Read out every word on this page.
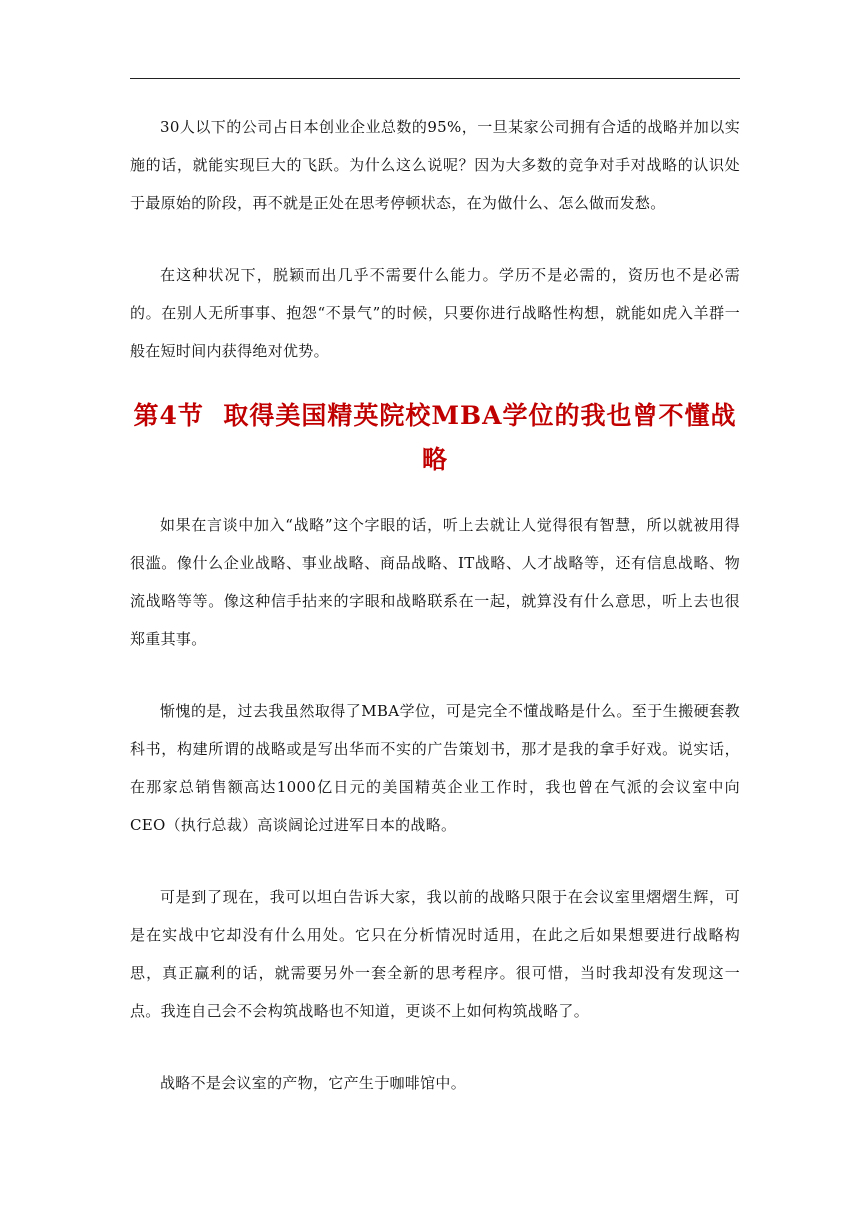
30人以下的公司占日本创业企业总数的95%，一旦某家公司拥有合适的战略并加以实施的话，就能实现巨大的飞跃。为什么这么说呢？因为大多数的竞争对手对战略的认识处于最原始的阶段，再不就是正处在思考停顿状态，在为做什么、怎么做而发愁。

在这种状况下，脱颖而出几乎不需要什么能力。学历不是必需的，资历也不是必需的。在别人无所事事、抱怨“不景气”的时候，只要你进行战略性构想，就能如虎入羊群一般在短时间内获得绝对优势。

第4节 取得美国精英院校MBA学位的我也曾不懂战略

如果在言谈中加入“战略”这个字眼的话，听上去就让人觉得很有智慧，所以就被用得很滥。像什么企业战略、事业战略、商品战略、IT战略、人才战略等，还有信息战略、物流战略等等。像这种信手拈来的字眼和战略联系在一起，就算没有什么意思，听上去也很郑重其事。

惭愧的是，过去我虽然取得了MBA学位，可是完全不懂战略是什么。至于生搬硬套教科书，构建所谓的战略或是写出华而不实的广告策划书，那才是我的拿手好戏。说实话，在那家总销售额高达1000亿日元的美国精英企业工作时，我也曾在气派的会议室中向CEO（执行总裁）高谈阔论过进军日本的战略。

可是到了现在，我可以坦白告诉大家，我以前的战略只限于在会议室里熠熠生辉，可是在实战中它却没有什么用处。它只在分析情况时适用，在此之后如果想要进行战略构思，真正赢利的话，就需要另外一套全新的思考程序。很可惜，当时我却没有发现这一点。我连自己会不会构筑战略也不知道，更谈不上如何构筑战略了。

战略不是会议室的产物，它产生于咖啡馆中。
